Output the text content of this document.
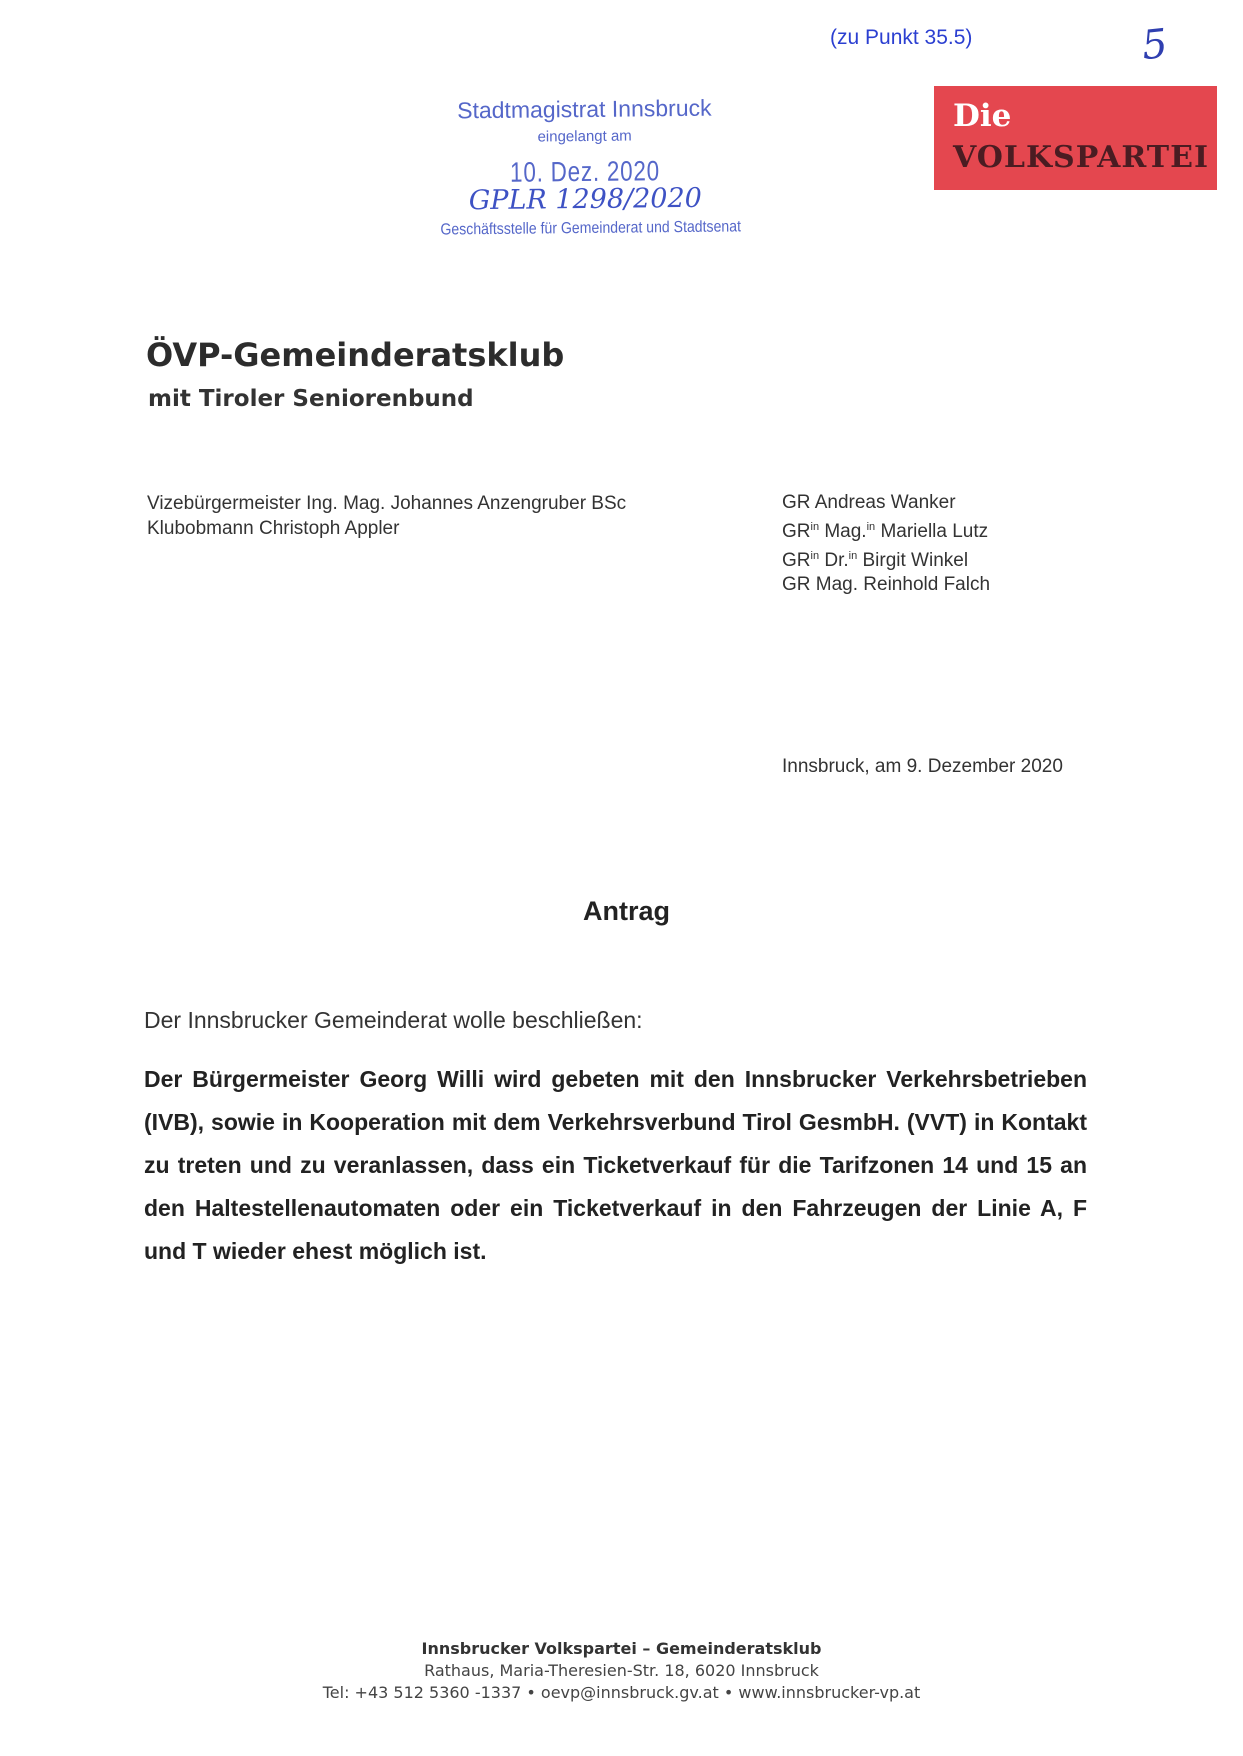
(zu Punkt 35.5)	5
Die
VOLKSPARTEI
Stadtmagistrat Innsbruck
eingelangt am
10. Dez. 2020
GPLR 1298/2020
Geschäftsstelle für Gemeinderat und Stadtsenat
ÖVP-Gemeinderatsklub
mit Tiroler Seniorenbund
Vizebürgermeister Ing. Mag. Johannes Anzengruber BSc
Klubobmann Christoph Appler
GR Andreas Wanker
$GR^{in}$ Mag.$^{in}$ Mariella Lutz
$GR^{in}$ Dr.$^{in}$ Birgit Winkel
GR Mag. Reinhold Falch
Innsbruck, am 9. Dezember 2020
Antrag
Der Innsbrucker Gemeinderat wolle beschließen:
Der Bürgermeister Georg Willi wird gebeten mit den Innsbrucker Verkehrsbetrieben (IVB), sowie in Kooperation mit dem Verkehrsverbund Tirol GesmbH. (VVT) in Kontakt zu treten und zu veranlassen, dass ein Ticketverkauf für die Tarifzonen 14 und 15 an den Haltestellenautomaten oder ein Ticketverkauf in den Fahrzeugen der Linie A, F und T wieder ehest möglich ist.
Innsbrucker Volkspartei – Gemeinderatsklub
Rathaus, Maria-Theresien-Str. 18, 6020 Innsbruck
Tel: +43 512 5360 -1337 • oevp@innsbruck.gv.at • www.innsbrucker-vp.at
